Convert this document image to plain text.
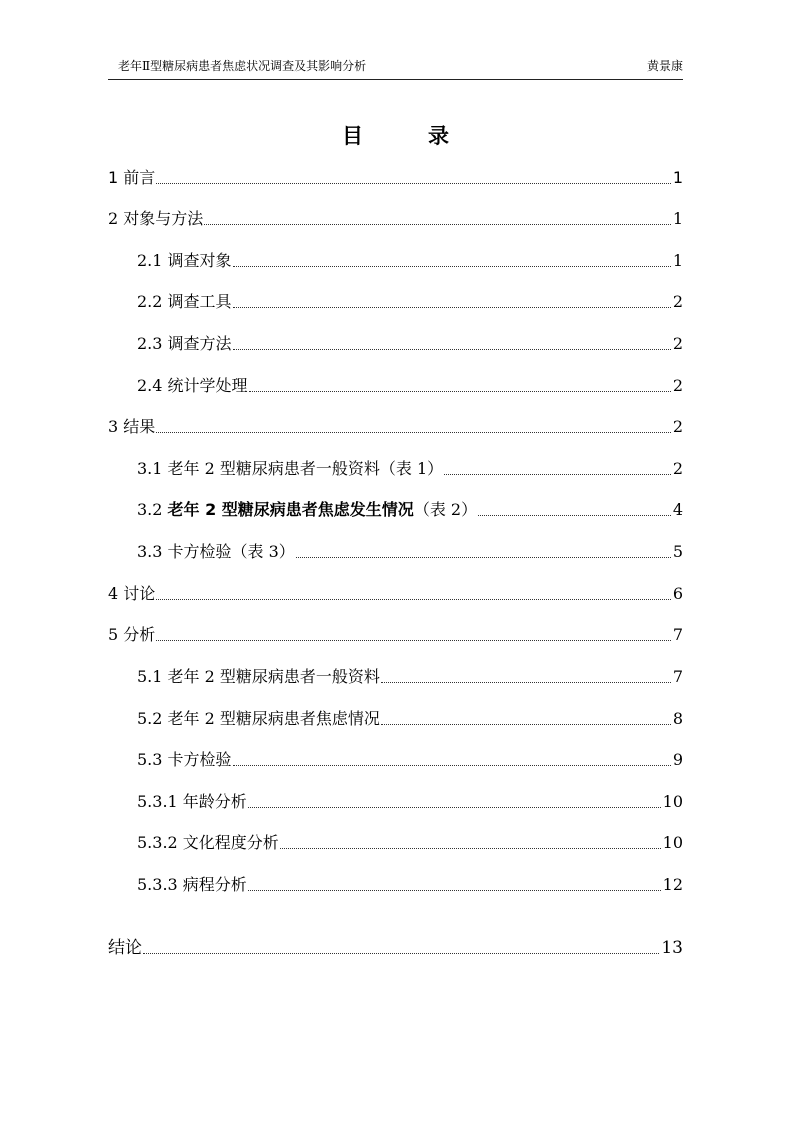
老年Ⅱ型糖尿病患者焦虑状况调查及其影响分析	黄景康
目　录
1 前言	1
2 对象与方法	1
2.1 调查对象	1
2.2 调查工具	2
2.3 调查方法	2
2.4 统计学处理	2
3 结果	2
3.1 老年 2 型糖尿病患者一般资料（表 1）	2
3.2 老年 2 型糖尿病患者焦虑发生情况（表 2）	4
3.3 卡方检验（表 3）	5
4 讨论	6
5 分析	7
5.1 老年 2 型糖尿病患者一般资料	7
5.2 老年 2 型糖尿病患者焦虑情况	8
5.3 卡方检验	9
5.3.1 年龄分析	10
5.3.2 文化程度分析	10
5.3.3 病程分析	12
结论	13
